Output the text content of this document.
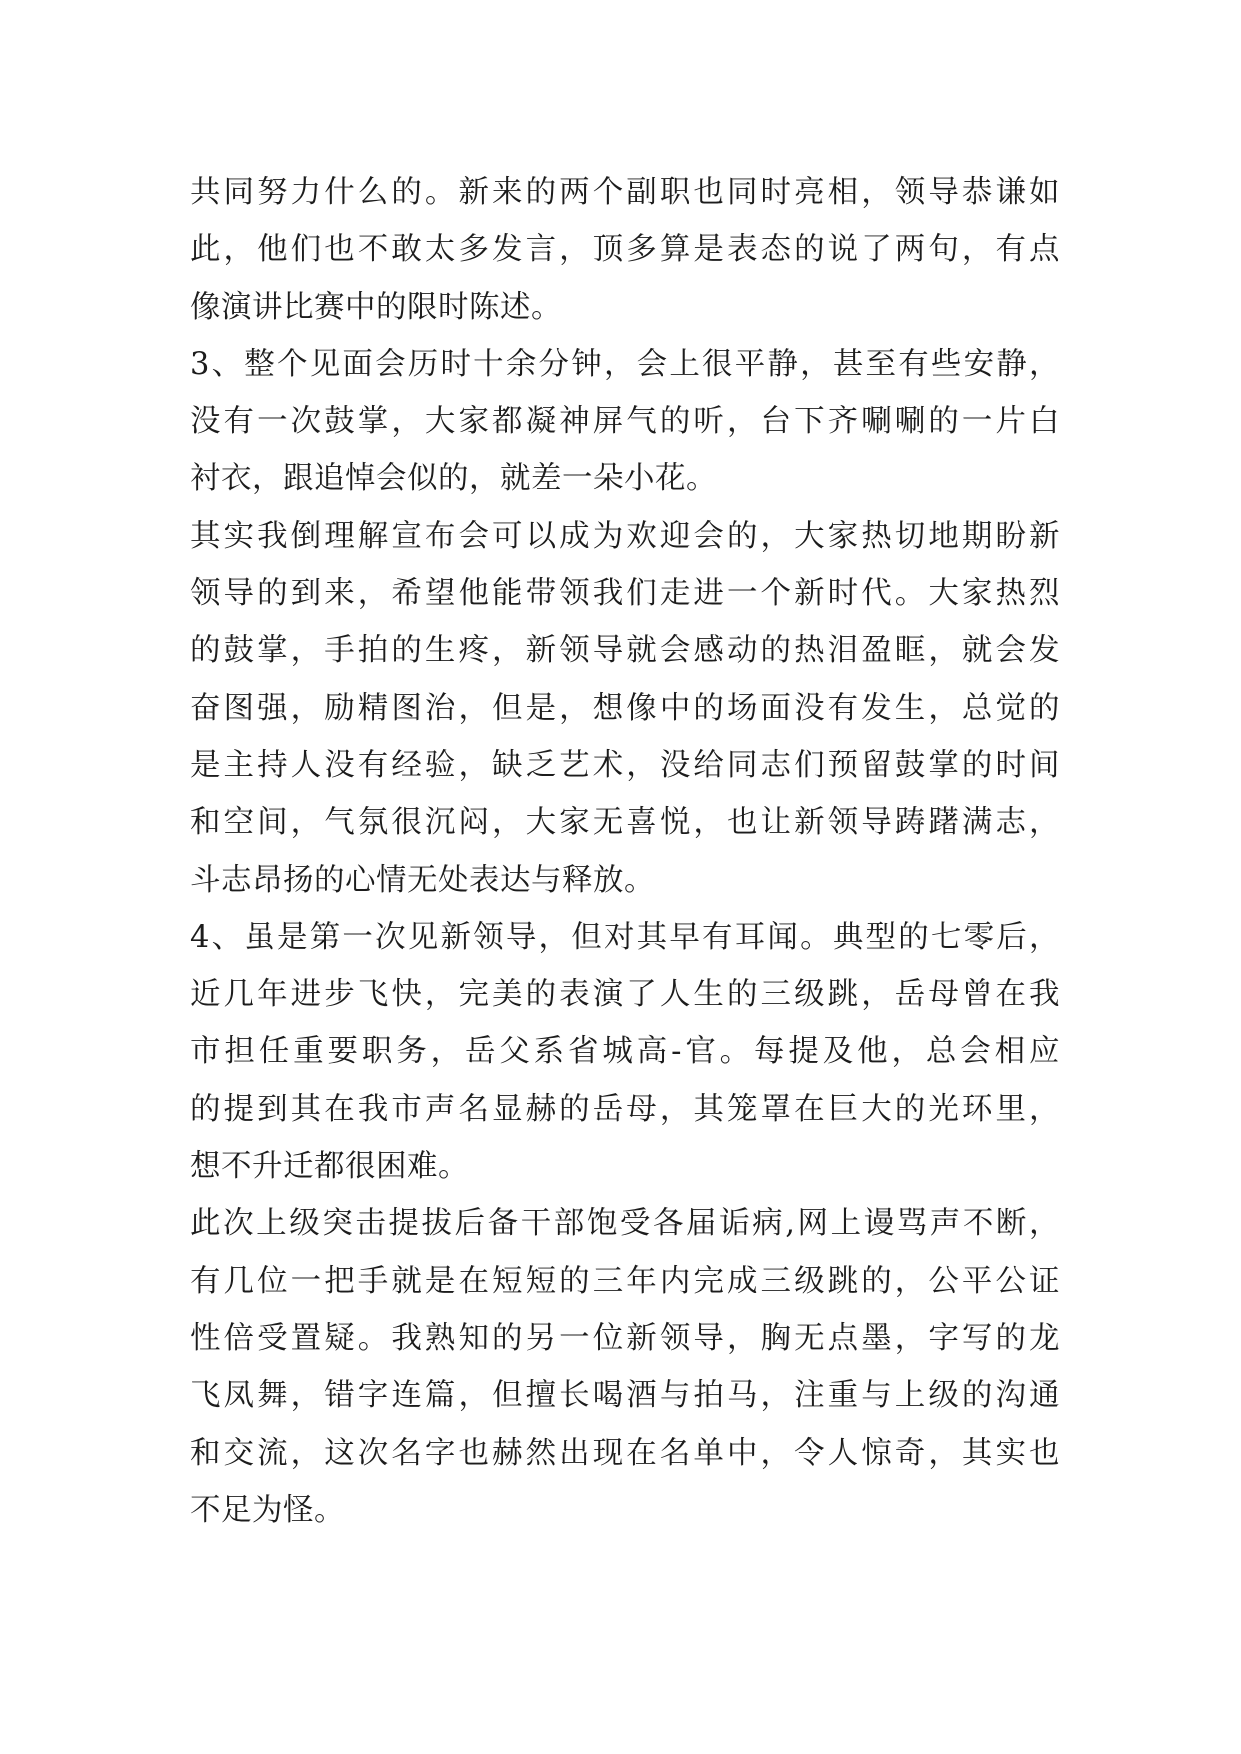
共同努力什么的。新来的两个副职也同时亮相，领导恭谦如
此，他们也不敢太多发言，顶多算是表态的说了两句，有点
像演讲比赛中的限时陈述。
3、整个见面会历时十余分钟，会上很平静，甚至有些安静，
没有一次鼓掌，大家都凝神屏气的听，台下齐唰唰的一片白
衬衣，跟追悼会似的，就差一朵小花。
其实我倒理解宣布会可以成为欢迎会的，大家热切地期盼新
领导的到来，希望他能带领我们走进一个新时代。大家热烈
的鼓掌，手拍的生疼，新领导就会感动的热泪盈眶，就会发
奋图强，励精图治，但是，想像中的场面没有发生，总觉的
是主持人没有经验，缺乏艺术，没给同志们预留鼓掌的时间
和空间，气氛很沉闷，大家无喜悦，也让新领导踌躇满志，
斗志昂扬的心情无处表达与释放。
4、虽是第一次见新领导，但对其早有耳闻。典型的七零后，
近几年进步飞快，完美的表演了人生的三级跳，岳母曾在我
市担任重要职务，岳父系省城高-官。每提及他，总会相应
的提到其在我市声名显赫的岳母，其笼罩在巨大的光环里，
想不升迁都很困难。
此次上级突击提拔后备干部饱受各届诟病,网上谩骂声不断，
有几位一把手就是在短短的三年内完成三级跳的，公平公证
性倍受置疑。我熟知的另一位新领导，胸无点墨，字写的龙
飞凤舞，错字连篇，但擅长喝酒与拍马，注重与上级的沟通
和交流，这次名字也赫然出现在名单中，令人惊奇，其实也
不足为怪。
